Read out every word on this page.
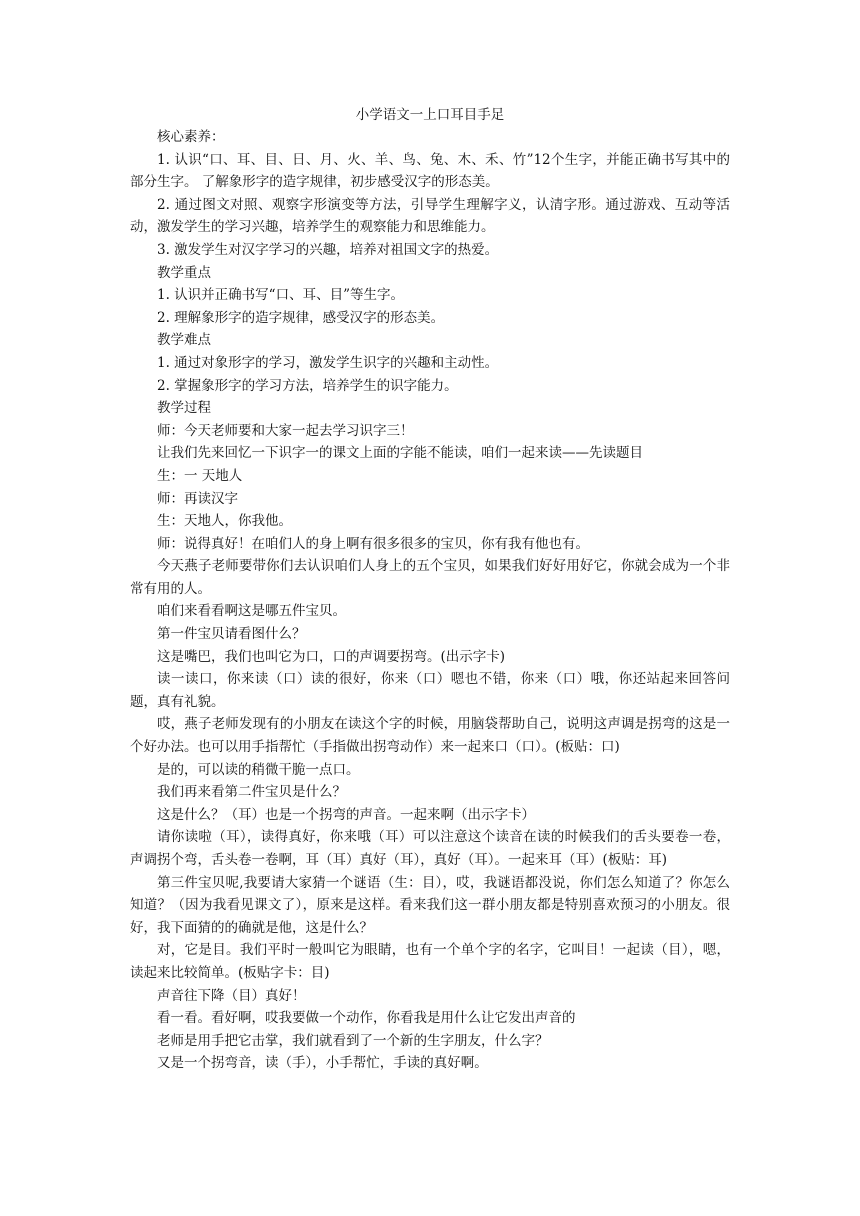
小学语文一上口耳目手足

核心素养：

1. 认识“口、耳、目、日、月、火、羊、鸟、兔、木、禾、竹”12个生字，并能正确书写其中的部分生字。 了解象形字的造字规律，初步感受汉字的形态美。

2. 通过图文对照、观察字形演变等方法，引导学生理解字义，认清字形。通过游戏、互动等活动，激发学生的学习兴趣，培养学生的观察能力和思维能力。

3. 激发学生对汉字学习的兴趣，培养对祖国文字的热爱。

教学重点

1. 认识并正确书写“口、耳、目”等生字。

2. 理解象形字的造字规律，感受汉字的形态美。

教学难点

1. 通过对象形字的学习，激发学生识字的兴趣和主动性。

2. 掌握象形字的学习方法，培养学生的识字能力。

教学过程

师：今天老师要和大家一起去学习识字三！

让我们先来回忆一下识字一的课文上面的字能不能读，咱们一起来读——先读题目

生：一 天地人

师：再读汉字

生：天地人，你我他。

师：说得真好！在咱们人的身上啊有很多很多的宝贝，你有我有他也有。

今天燕子老师要带你们去认识咱们人身上的五个宝贝，如果我们好好用好它，你就会成为一个非常有用的人。

咱们来看看啊这是哪五件宝贝。

第一件宝贝请看图什么？

这是嘴巴，我们也叫它为口，口的声调要拐弯。(出示字卡)

读一读口，你来读（口）读的很好，你来（口）嗯也不错，你来（口）哦，你还站起来回答问题，真有礼貌。

哎，燕子老师发现有的小朋友在读这个字的时候，用脑袋帮助自己，说明这声调是拐弯的这是一个好办法。也可以用手指帮忙（手指做出拐弯动作）来一起来口（口）。(板贴：口)

是的，可以读的稍微干脆一点口。

我们再来看第二件宝贝是什么？

这是什么？（耳）也是一个拐弯的声音。一起来啊（出示字卡）

请你读啦（耳），读得真好，你来哦（耳）可以注意这个读音在读的时候我们的舌头要卷一卷，声调拐个弯，舌头卷一卷啊，耳（耳）真好（耳），真好（耳）。一起来耳（耳）(板贴：耳)

第三件宝贝呢,我要请大家猜一个谜语（生：目），哎，我谜语都没说，你们怎么知道了？你怎么知道？（因为我看见课文了），原来是这样。看来我们这一群小朋友都是特别喜欢预习的小朋友。很好，我下面猜的的确就是他，这是什么？

对，它是目。我们平时一般叫它为眼睛，也有一个单个字的名字，它叫目！一起读（目），嗯，读起来比较简单。(板贴字卡：目)

声音往下降（目）真好！

看一看。看好啊，哎我要做一个动作，你看我是用什么让它发出声音的

老师是用手把它击掌，我们就看到了一个新的生字朋友，什么字？

又是一个拐弯音，读（手），小手帮忙，手读的真好啊。
